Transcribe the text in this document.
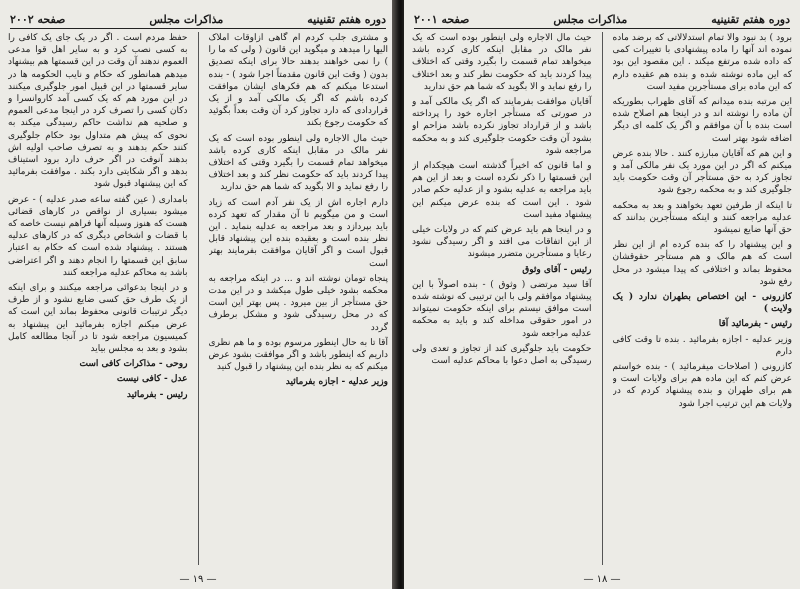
دوره هفتم تقنینیه
مذاکرات مجلس
صفحه ۲۰۰۲

و مشتری جلب کردم ام گاهی ازاوقات املاک الیها را میدهد و میگوید این قانون ( ولی که ما را ) را نمی خواهند بدهند حالا برای اینکه تصدیق بدون ( وقت این قانون مقدمتاً اجرا شود ) - بنده استدعا میکنم که هم فکرهای ایشان موافقت کرده باشم که اگر یک مالکی آمد و از یک قراردادی که دارد تجاوز کرد آن وقت بعداً بگوئید که حکومت رجوع بکند

حیث مال الاجاره ولی اینطور بوده است که یک نفر مالک در مقابل اینکه کاری کرده باشد میخواهد تمام قسمت را بگیرد وقتی که اختلاف پیدا کردند باید که حکومت نظر کند و بعد اختلاف را رفع نماید و الا بگوید که شما هم حق ندارید

دارم اجاره اش از یک نفر آدم است که زیاد است و من میگویم تا آن مقدار که تعهد کرده باید بپردازد و بعد مراجعه به عدلیه بنماید . این نظر بنده است و بعقیده بنده این پیشنهاد قابل قبول است و اگر آقایان موافقت بفرمایند بهتر است

پنجاه تومان نوشته اند و ... در اینکه مراجعه به محکمه بشود خیلی طول میکشد و در این مدت حق مستأجر از بین میرود . پس بهتر این است که در محل رسیدگی شود و مشکل برطرف گردد

آقا تا به حال اینطور مرسوم بوده و ما هم نظری داریم که اینطور باشد و اگر موافقت بشود عرض میکنم که به نظر بنده این پیشنهاد را قبول کنید

وزیر عدلیه - اجازه بفرمائید

حفظ مردم است . اگر در یک جای یک کافی را به کسی نصب کرد و به سایر اهل قوا مدعی العموم ندهند آن وقت در این قسمتها هم بیشنهاد میدهم همانطور که حکام و نایب الحکومه ها در سایر قسمتها در این قبیل امور جلوگیری میکنند در این مورد هم که یک کسی آمد کاروانسرا و دکان کسی را تصرف کرد در اینجا مدعی العموم و صلحیه هم نداشت حاکم رسیدگی میکند به نحوی که پیش هم متداول بود حکام جلوگیری کنند حکم بدهند و به تصرف صاحب اولیه اش بدهند آنوقت در اگر حرف دارد برود استیناف بدهد و اگر شکایتی دارد بکند . موافقت بفرمائید که این پیشنهاد قبول شود

بامداری ( عین گفته ساعه صدر عدلیه ) - عرض میشود بسیاری از نواقص در کارهای قضائی هست که هنوز وسیله آنها فراهم نیست خاصه که با قضات و اشخاص دیگری که در کارهای عدلیه هستند . پیشنهاد شده است که حکام به اعتبار سابق این قسمتها را انجام دهند و اگر اعتراضی باشد به محاکم عدلیه مراجعه کنند

و در اینجا بدعوائی مراجعه میکنند و برای اینکه از یک طرف حق کسی ضایع نشود و از طرف دیگر ترتیبات قانونی محفوظ بماند این است که عرض میکنم اجازه بفرمائید این پیشنهاد به کمیسیون مراجعه شود تا در آنجا مطالعه کامل بشود و بعد به مجلس بیاید

روحی - مذاکرات کافی است

عدل - کافی نیست

رئیس - بفرمائید

— ۱۹ —
دوره هفتم تقنینیه
مذاکرات مجلس
صفحه ۲۰۰۱

برود ) بد نبود والا تمام استدلالاتی که برضد ماده نموده اند آنها را ماده پیشنهادی با تغییرات کمی که داده شده مرتفع میکند . این مقصود این بود که این ماده نوشته شده و بنده هم عقیده دارم که این ماده برای مستأجرین مفید است

این مرتبه بنده میدانم که آقای ظهراب بطوریکه آن ماده را نوشته اند و در اینجا هم اصلاح شده است بنده با آن موافقم و اگر یک کلمه ای دیگر اضافه شود بهتر است

و این هم که آقایان مبارزه کنند . حالا بنده عرض میکنم که اگر در این مورد یک نفر مالکی آمد و تجاوز کرد به حق مستأجر آن وقت حکومت باید جلوگیری کند و به محکمه رجوع شود

تا اینکه از طرفین تعهد بخواهند و بعد به محکمه عدلیه مراجعه کنند و اینکه مستأجرین بدانند که حق آنها ضایع نمیشود

و این پیشنهاد را که بنده کرده ام از این نظر است که هم مالک و هم مستأجر حقوقشان محفوظ بماند و اختلافی که پیدا میشود در محل رفع شود

کازرونی - این اختصاص بطهران ندارد ( یک ولایت )

رئیس - بفرمائید آقا

وزیر عدلیه - اجازه بفرمائید . بنده تا وقت کافی دارم

کازرونی ( اصلاحات میفرمائید ) - بنده خواستم عرض کنم که این ماده هم برای ولایات است و هم برای طهران و بنده پیشنهاد کردم که در ولایات هم این ترتیب اجرا شود

حیث مال الاجاره ولی اینطور بوده است که یک نفر مالک در مقابل اینکه کاری کرده باشد میخواهد تمام قسمت را بگیرد وقتی که اختلاف پیدا کردند باید که حکومت نظر کند و بعد اختلاف را رفع نماید و الا بگوید که شما هم حق ندارید

آقایان موافقت بفرمایند که اگر یک مالکی آمد و در صورتی که مستأجر اجاره خود را پرداخته باشد و از قرارداد تجاوز نکرده باشد مزاحم او بشود آن وقت حکومت جلوگیری کند و به محکمه مراجعه شود

و اما قانون که اخیراً گذشته است هیچکدام از این قسمتها را ذکر نکرده است و بعد از این هم باید مراجعه به عدلیه بشود و از عدلیه حکم صادر شود . این است که بنده عرض میکنم این پیشنهاد مفید است

و در اینجا هم باید عرض کنم که در ولایات خیلی از این اتفاقات می افتد و اگر رسیدگی نشود رعایا و مستأجرین متضرر میشوند

رئیس - آقای وثوق

آقا سید مرتضی ( وثوق ) - بنده اصولاً با این پیشنهاد موافقم ولی با این ترتیبی که نوشته شده است موافق نیستم برای اینکه حکومت نمیتواند در امور حقوقی مداخله کند و باید به محکمه عدلیه مراجعه شود

حکومت باید جلوگیری کند از تجاوز و تعدی ولی رسیدگی به اصل دعوا با محاکم عدلیه است

— ۱۸ —
